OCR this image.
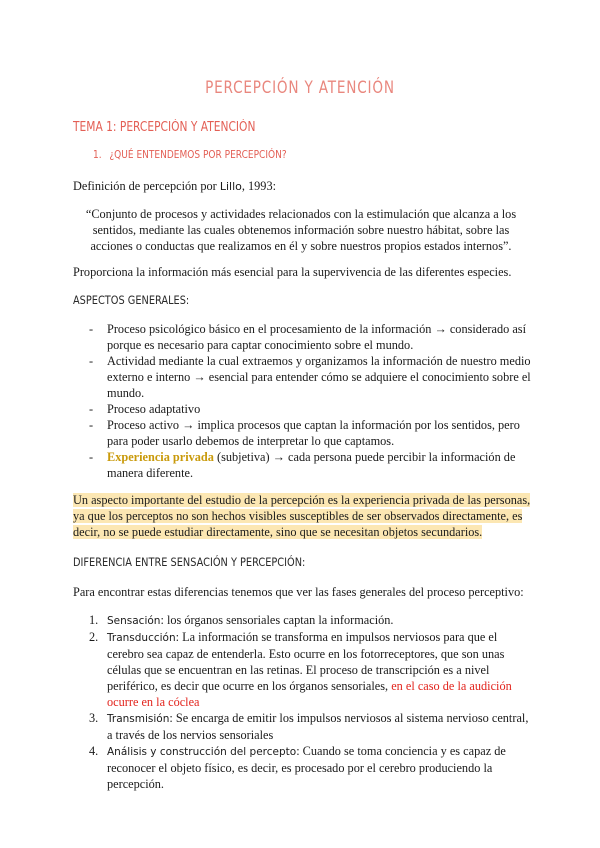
PERCEPCIÓN Y ATENCIÓN
TEMA 1: PERCEPCIÓN Y ATENCIÓN
1. ¿QUÉ ENTENDEMOS POR PERCEPCIÓN?
Definición de percepción por Lillo, 1993:
“Conjunto de procesos y actividades relacionados con la estimulación que alcanza a los sentidos, mediante las cuales obtenemos información sobre nuestro hábitat, sobre las acciones o conductas que realizamos en él y sobre nuestros propios estados internos”.
Proporciona la información más esencial para la supervivencia de las diferentes especies.
ASPECTOS GENERALES:
-	Proceso psicológico básico en el procesamiento de la información → considerado así porque es necesario para captar conocimiento sobre el mundo.
-	Actividad mediante la cual extraemos y organizamos la información de nuestro medio externo e interno → esencial para entender cómo se adquiere el conocimiento sobre el mundo.
-	Proceso adaptativo
-	Proceso activo → implica procesos que captan la información por los sentidos, pero para poder usarlo debemos de interpretar lo que captamos.
-	Experiencia privada (subjetiva) → cada persona puede percibir la información de manera diferente.
Un aspecto importante del estudio de la percepción es la experiencia privada de las personas, ya que los perceptos no son hechos visibles susceptibles de ser observados directamente, es decir, no se puede estudiar directamente, sino que se necesitan objetos secundarios.
DIFERENCIA ENTRE SENSACIÓN Y PERCEPCIÓN:
Para encontrar estas diferencias tenemos que ver las fases generales del proceso perceptivo:
1. Sensación: los órganos sensoriales captan la información.
2. Transducción: La información se transforma en impulsos nerviosos para que el cerebro sea capaz de entenderla. Esto ocurre en los fotorreceptores, que son unas células que se encuentran en las retinas. El proceso de transcripción es a nivel periférico, es decir que ocurre en los órganos sensoriales, en el caso de la audición ocurre en la cóclea
3. Transmisión: Se encarga de emitir los impulsos nerviosos al sistema nervioso central, a través de los nervios sensoriales
4. Análisis y construcción del percepto: Cuando se toma conciencia y es capaz de reconocer el objeto físico, es decir, es procesado por el cerebro produciendo la percepción.
